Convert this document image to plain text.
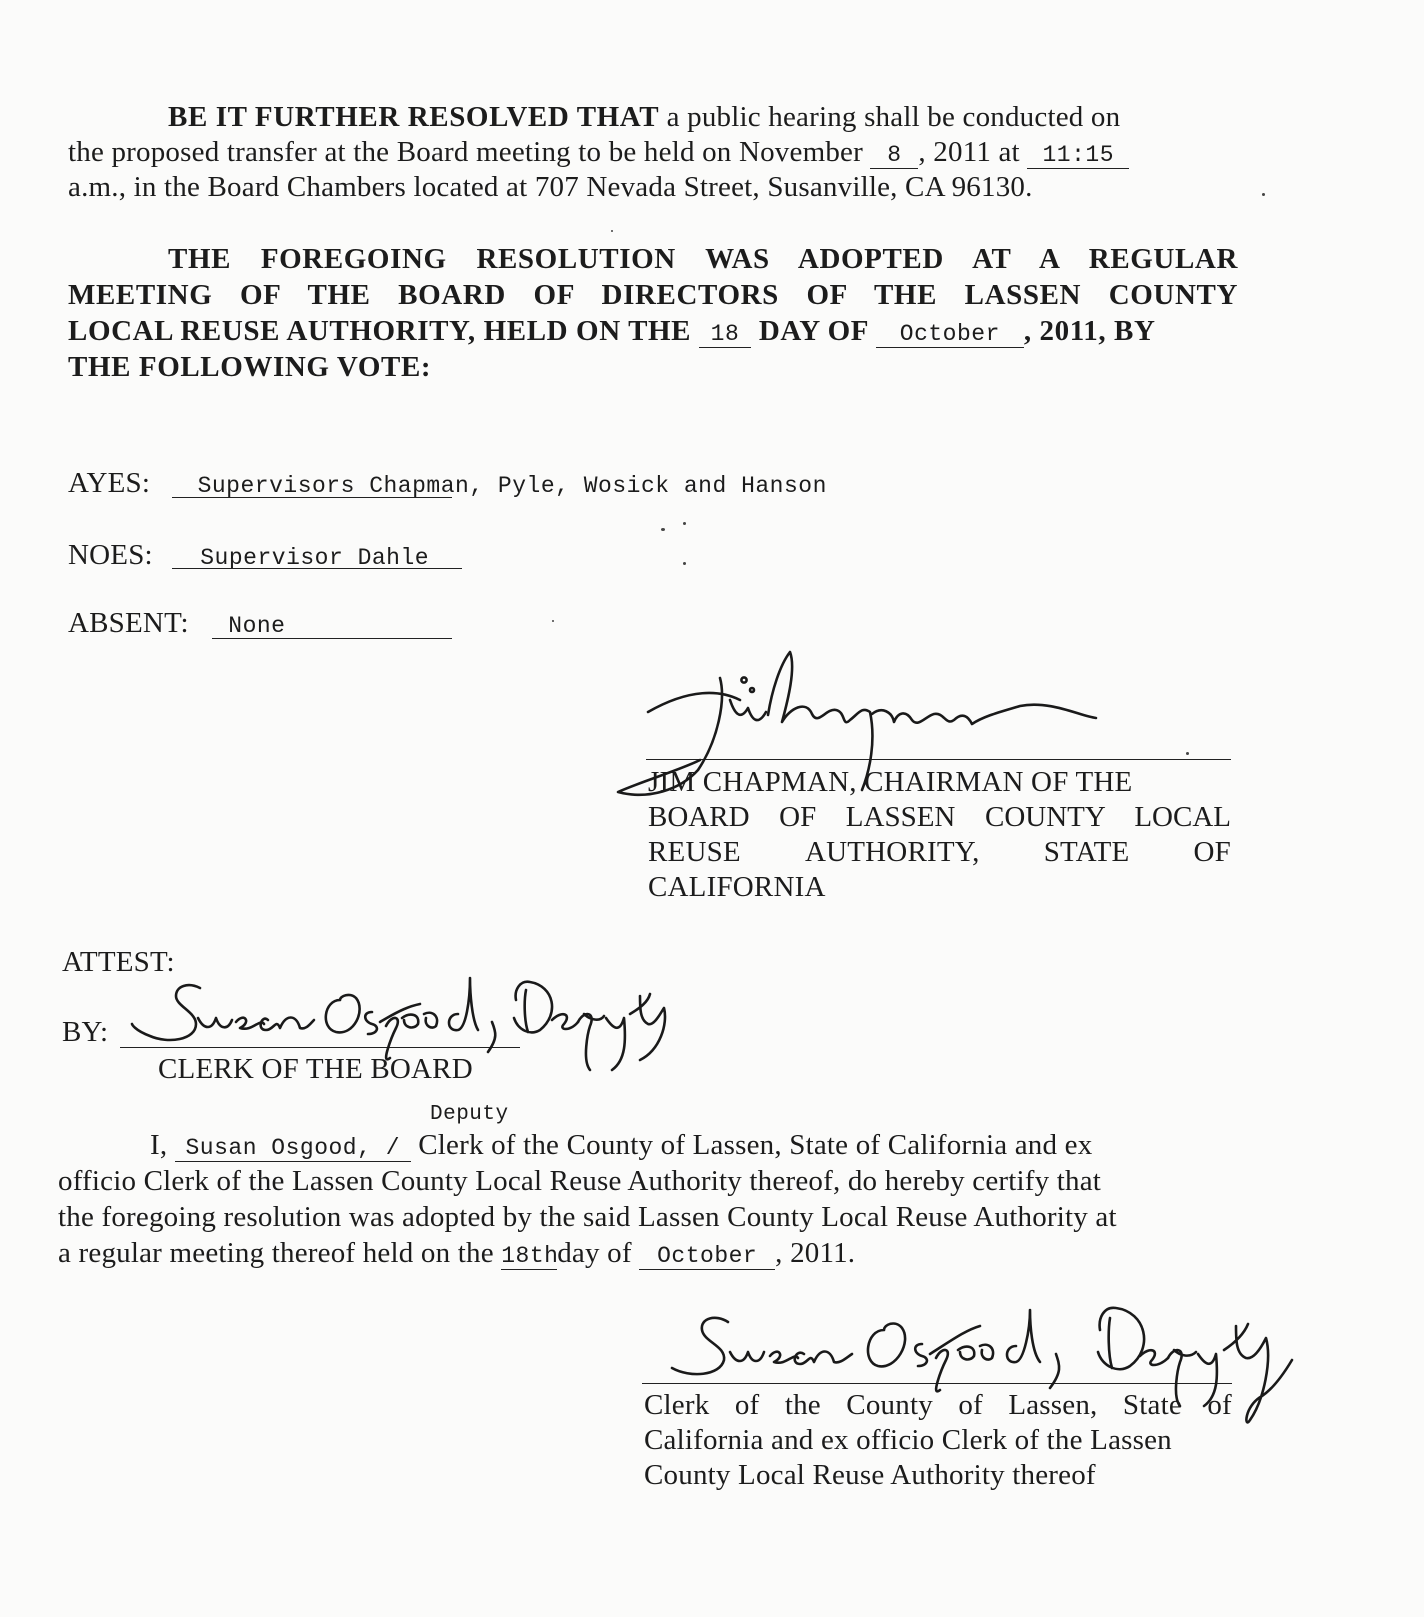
BE IT FURTHER RESOLVED THAT a public hearing shall be conducted on
the proposed transfer at the Board meeting to be held on November 8 , 2011 at 11:15
a.m., in the Board Chambers located at 707 Nevada Street, Susanville, CA 96130.
THE FOREGOING RESOLUTION WAS ADOPTED AT A REGULAR
MEETING OF THE BOARD OF DIRECTORS OF THE LASSEN COUNTY
LOCAL REUSE AUTHORITY, HELD ON THE 18 DAY OF October , 2011, BY
THE FOLLOWING VOTE:
AYES: Supervisors Chapman, Pyle, Wosick and Hanson
NOES: Supervisor Dahle
ABSENT: None
JIM CHAPMAN, CHAIRMAN OF THE
BOARD OF LASSEN COUNTY LOCAL
REUSE AUTHORITY, STATE OF
CALIFORNIA
ATTEST:
BY:
CLERK OF THE BOARD
Deputy
I, Susan Osgood, / Clerk of the County of Lassen, State of California and ex
officio Clerk of the Lassen County Local Reuse Authority thereof, do hereby certify that
the foregoing resolution was adopted by the said Lassen County Local Reuse Authority at
a regular meeting thereof held on the 18thday of October , 2011.
Clerk of the County of Lassen, State of
California and ex officio Clerk of the Lassen
County Local Reuse Authority thereof
